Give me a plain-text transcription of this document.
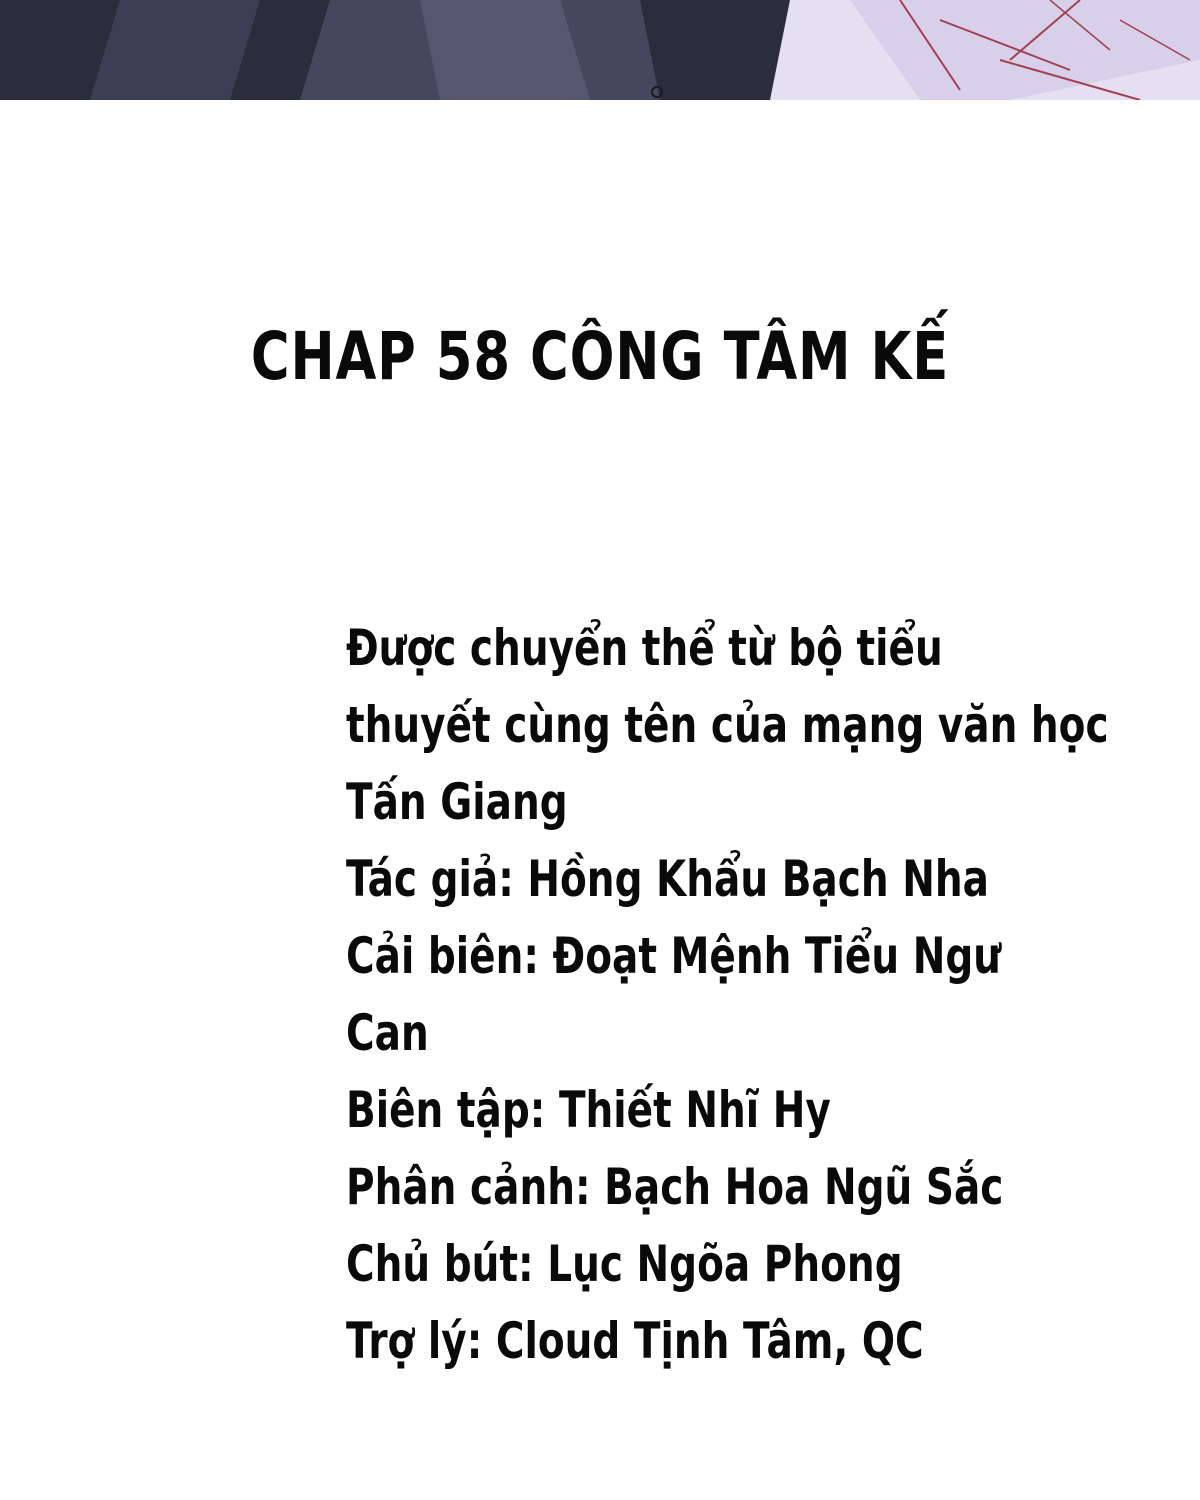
CHAP 58 CÔNG TÂM KẾ
Được chuyển thể từ bộ tiểu
thuyết cùng tên của mạng văn học
Tấn Giang
Tác giả: Hồng Khẩu Bạch Nha
Cải biên: Đoạt Mệnh Tiểu Ngư
Can
Biên tập: Thiết Nhĩ Hy
Phân cảnh: Bạch Hoa Ngũ Sắc
Chủ bút: Lục Ngõa Phong
Trợ lý: Cloud Tịnh Tâm, QC
